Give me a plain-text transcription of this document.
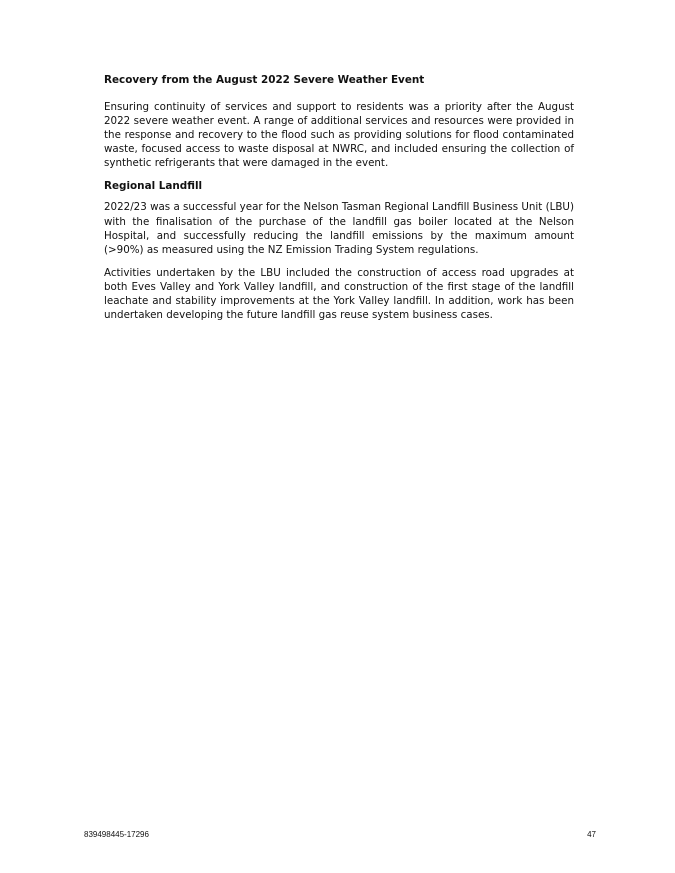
Recovery from the August 2022 Severe Weather Event

Ensuring continuity of services and support to residents was a priority after the August 2022 severe weather event. A range of additional services and resources were provided in the response and recovery to the flood such as providing solutions for flood contaminated waste, focused access to waste disposal at NWRC, and included ensuring the collection of synthetic refrigerants that were damaged in the event.

Regional Landfill

2022/23 was a successful year for the Nelson Tasman Regional Landfill Business Unit (LBU) with the finalisation of the purchase of the landfill gas boiler located at the Nelson Hospital, and successfully reducing the landfill emissions by the maximum amount (>90%) as measured using the NZ Emission Trading System regulations.

Activities undertaken by the LBU included the construction of access road upgrades at both Eves Valley and York Valley landfill, and construction of the first stage of the landfill leachate and stability improvements at the York Valley landfill. In addition, work has been undertaken developing the future landfill gas reuse system business cases.

839498445-17296	47
